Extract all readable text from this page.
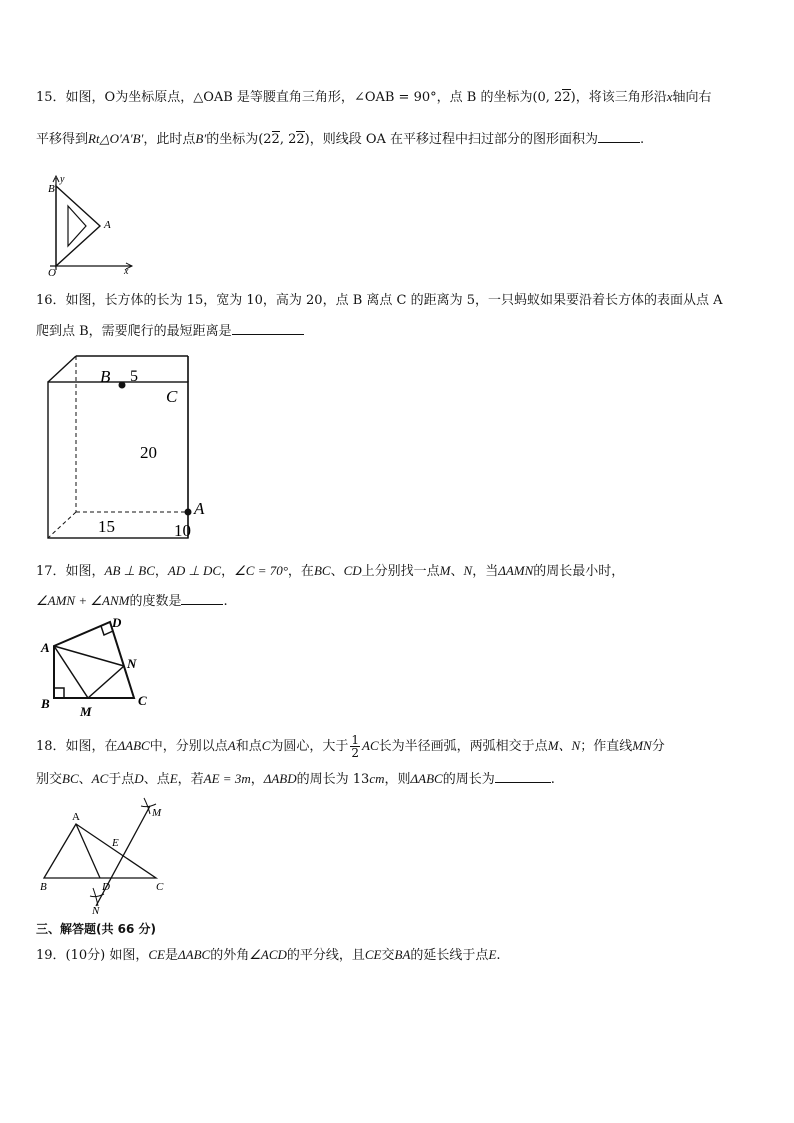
15．如图，O为坐标原点，△OAB 是等腰直角三角形，∠OAB = 90°，点 B 的坐标为(0, 22)，将该三角形沿x轴向右
平移得到Rt△O′A′B′，此时点B′的坐标为(22, 22)，则线段 OA 在平移过程中扫过部分的图形面积为	.
B
y
A
O	x
16．如图，长方体的长为 15，宽为 10，高为 20，点 B 离点 C 的距离为 5，一只蚂蚁如果要沿着长方体的表面从点 A
爬到点 B，需要爬行的最短距离是
B 5
C
20
A
15	10
17．如图，AB ⊥ BC，AD ⊥ DC，∠C = 70°，在BC、CD上分别找一点M、N，当ΔAMN的周长最小时，
∠AMN + ∠ANM的度数是	.
A
D
N
B
M
C
18．如图，在ΔABC中，分别以点A和点C为圆心，大于 $\frac{1}{2}$ AC长为半径画弧，两弧相交于点M、N；作直线MN分
别交BC、AC于点D、点E，若AE = 3m，ΔABD的周长为 13cm，则ΔABC的周长为	.
A	M
E
B	D	C
N
三、解答题(共 66 分)
19．(10分) 如图，CE是ΔABC的外角∠ACD的平分线，且CE交BA的延长线于点E.
